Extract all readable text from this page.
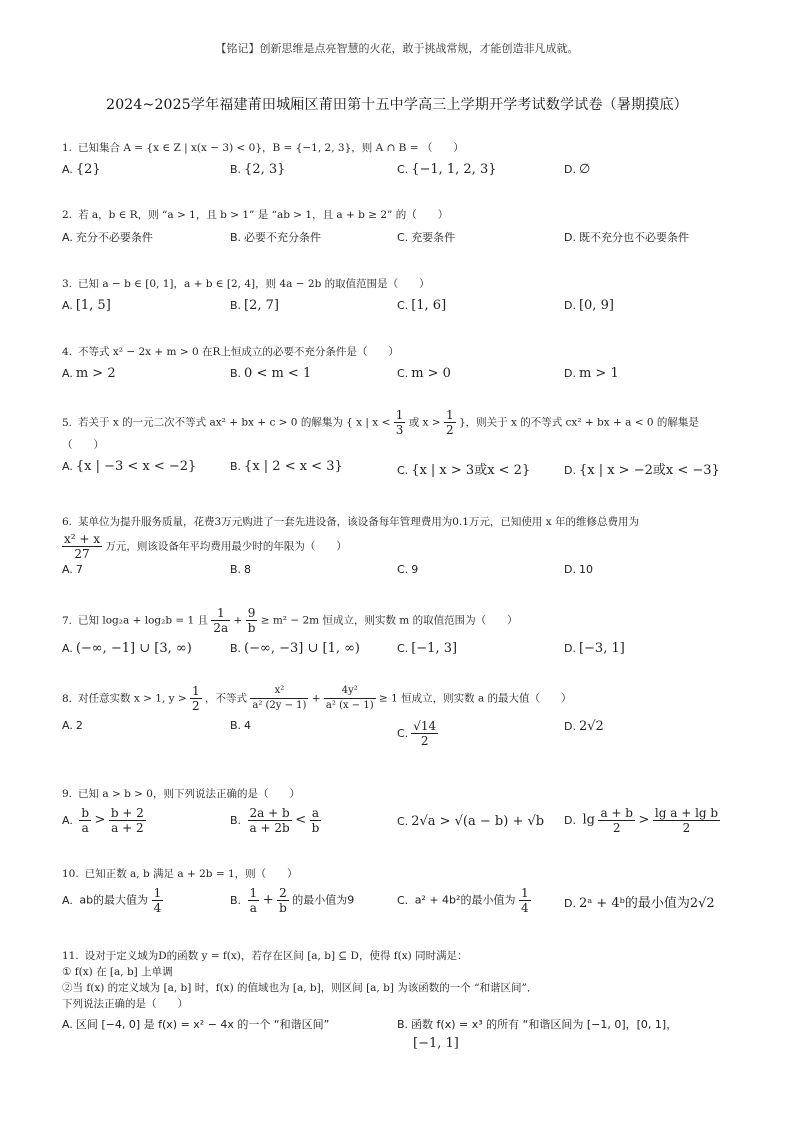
【铭记】创新思维是点亮智慧的火花，敢于挑战常规，才能创造非凡成就。
2024~2025学年福建莆田城厢区莆田第十五中学高三上学期开学考试数学试卷（暑期摸底）
1. 已知集合 A = {x ∈ Z | x(x − 3) < 0}，B = {−1, 2, 3}，则 A ∩ B = （　　）
A. {2}	B. {2, 3}	C. {−1, 1, 2, 3}	D. ∅
2. 若 a，b ∈ R，则 “a > 1，且 b > 1” 是 “ab > 1，且 a + b ≥ 2” 的（　　）
A. 充分不必要条件	B. 必要不充分条件	C. 充要条件	D. 既不充分也不必要条件
3. 已知 a − b ∈ [0, 1]，a + b ∈ [2, 4]，则 4a − 2b 的取值范围是（　　）
A. [1, 5]	B. [2, 7]	C. [1, 6]	D. [0, 9]
4. 不等式 x² − 2x + m > 0 在R上恒成立的必要不充分条件是（　　）
A. m > 2	B. 0 < m < 1	C. m > 0	D. m > 1
5. 若关于 x 的一元二次不等式 ax² + bx + c > 0 的解集为 { x | $x < \frac{1}{3}$ 或 $x > \frac{1}{2}$ }，则关于 x 的不等式 cx² + bx + a < 0 的解集是
（　　）
A. {x | −3 < x < −2}	B. {x | 2 < x < 3}	C. {x | x > 3或x < 2}	D. {x | x > −2或x < −3}
6. 某单位为提升服务质量，花费3万元购进了一套先进设备，该设备每年管理费用为0.1万元，已知使用 x 年的维修总费用为
$\frac{\text{x² + x}}{27}$ 万元，则该设备年平均费用最少时的年限为（　　）
A. 7	B. 8	C. 9	D. 10
7. 已知 log₂a + log₂b = 1 且 $\frac{1}{2a} + \frac{9}{b} \ge m^2 - 2m$ 恒成立，则实数 m 的取值范围为（　　）
A. (−∞, −1] ∪ [3, ∞)	B. (−∞, −3] ∪ [1, ∞)	C. [−1, 3]	D. [−3, 1]
8. 对任意实数 x > 1, $y > \frac{1}{2}$ ，不等式 $\frac{\text{x²}}{\text{a² (2y − 1)}} + \frac{\text{4y²}}{\text{a² (x − 1)}} \ge 1$ 恒成立，则实数 a 的最大值（　　）
A. 2	B. 4
C. $\frac{√14}{2}$	D. 2√2
9. 已知 a > b > 0，则下列说法正确的是（　　）
A. $\frac{b}{a} > \frac{b + 2}{a + 2}$	B. $\frac{2a + b}{a + 2b} < \frac{a}{b}$	C. 2√a > √(a − b) + √b D. $\lg \frac{a + b}{2} > \frac{\text{lg a + lg b}}{2}$
10. 已知正数 a, b 满足 a + 2b = 1，则（　　）
A. ab的最大值为 $\frac{1}{4}$	B. $\frac{1}{a} + \frac{2}{b}$ 的最小值为9	C. a² + 4b²的最小值为 $\frac{1}{4}$	D. 2ᵃ + 4ᵇ的最小值为2√2
11. 设对于定义域为D的函数 y = f(x)，若存在区间 [a, b] ⊆ D，使得 f(x) 同时满足：
① f(x) 在 [a, b] 上单调
②当 f(x) 的定义域为 [a, b] 时，f(x) 的值域也为 [a, b]，则区间 [a, b] 为该函数的一个 “和谐区间”．
下列说法正确的是（　　）
A. 区间 [−4, 0] 是 f(x) = x² − 4x 的一个 “和谐区间”	B. 函数 f(x) = x³ 的所有 “和谐区间为 [−1, 0]，[0, 1]，
[−1, 1]
